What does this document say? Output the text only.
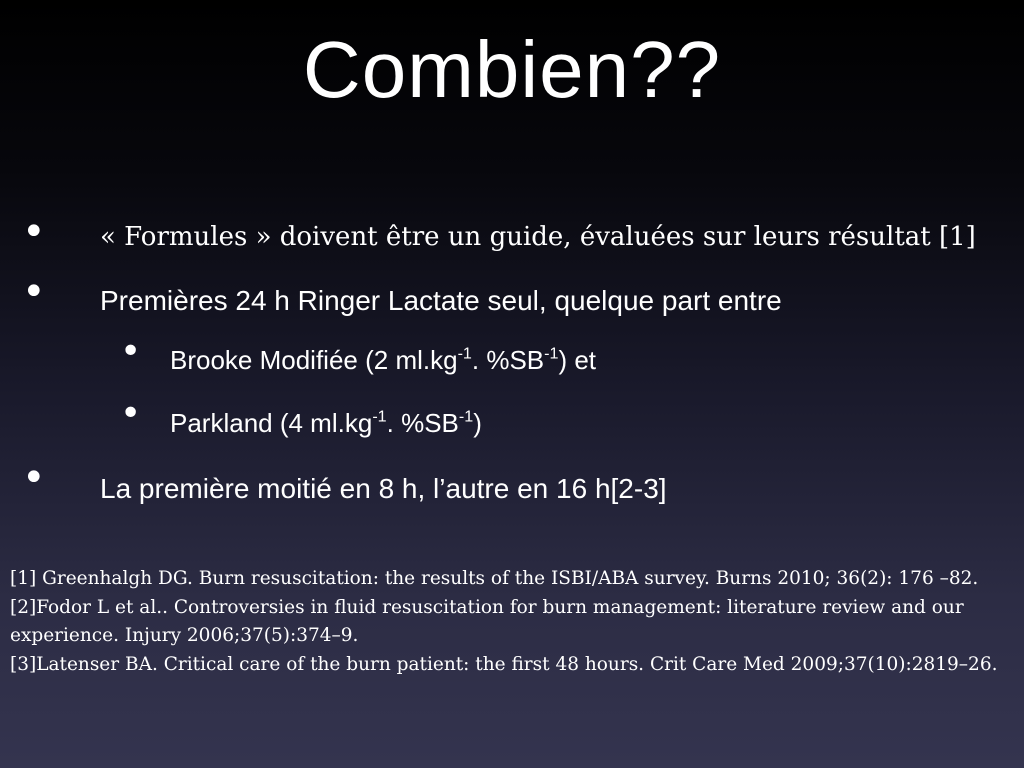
Combien??
• « Formules » doivent être un guide, évaluées sur leurs résultat [1]
• Premières 24 h Ringer Lactate seul, quelque part entre
• Brooke Modifiée (2 $ml.kg^{-1}$. $\%SB^{-1}$) et
• Parkland (4 $ml.kg^{-1}$. $\%SB^{-1}$)
• La première moitié en 8 h, l’autre en 16 h[2-3]

[1] Greenhalgh DG. Burn resuscitation: the results of the ISBI/ABA survey. Burns 2010; 36(2): 176 –82.

[2]Fodor L et al.. Controversies in fluid resuscitation for burn management: literature review and our experience. Injury 2006;37(5):374–9.

[3]Latenser BA. Critical care of the burn patient: the first 48 hours. Crit Care Med 2009;37(10):2819–26.
